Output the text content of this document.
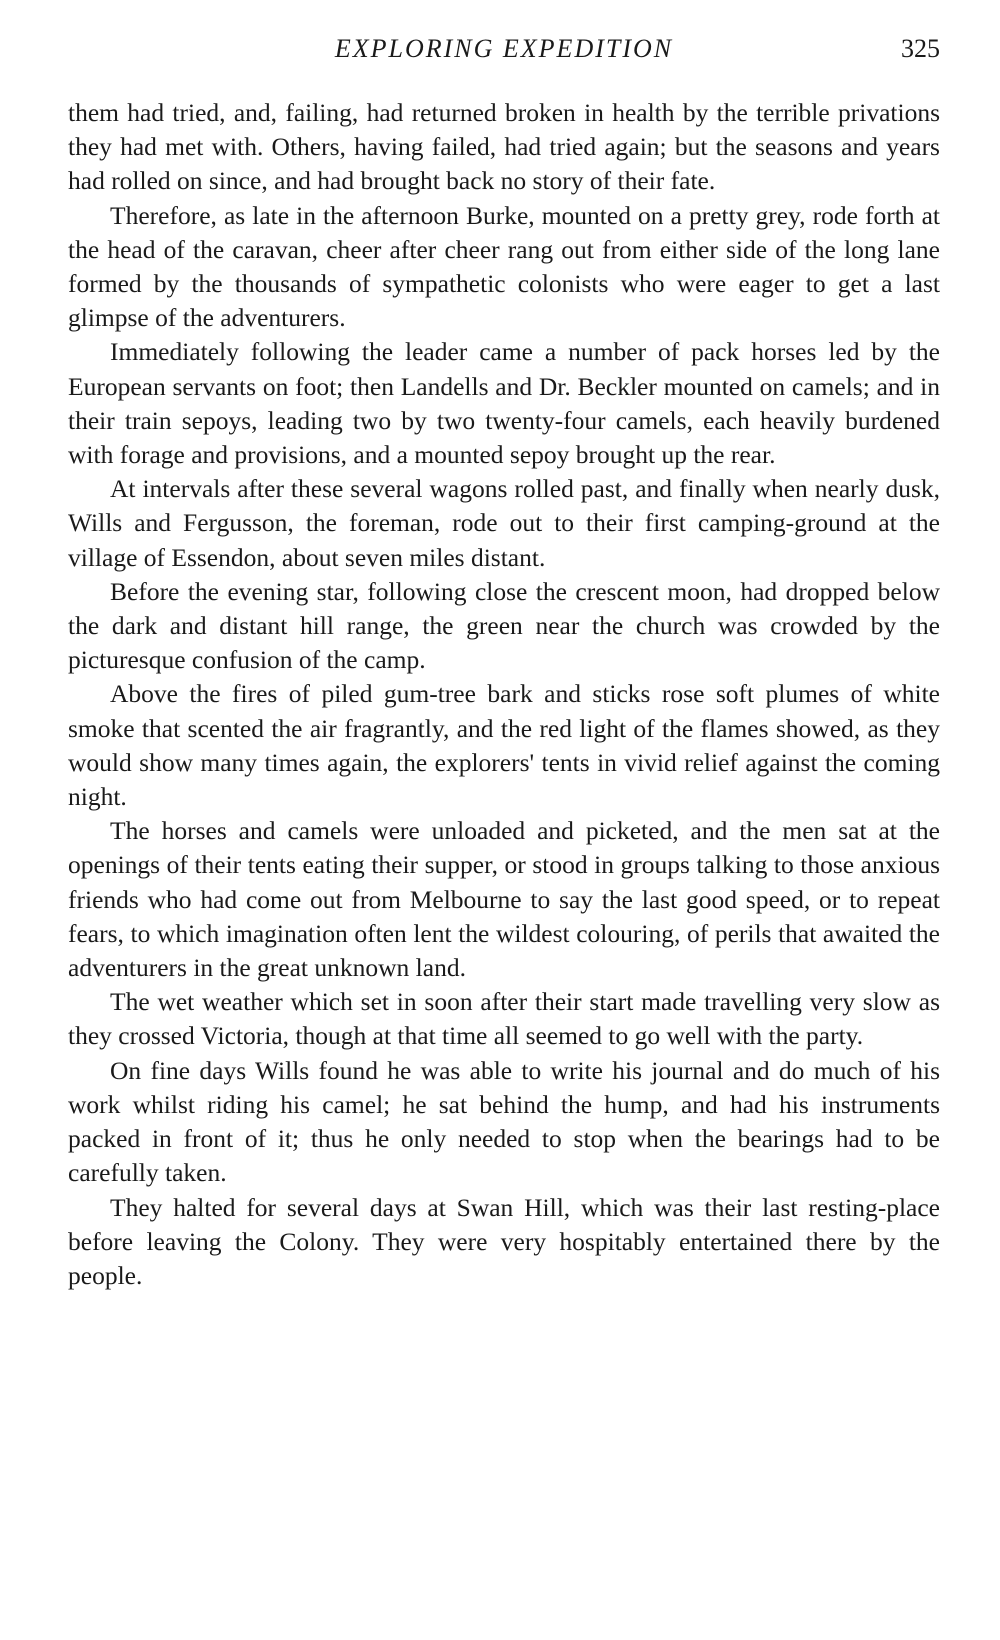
EXPLORING EXPEDITION	325

them had tried, and, failing, had returned broken in health by the terrible privations they had met with. Others, having failed, had tried again; but the seasons and years had rolled on since, and had brought back no story of their fate.

Therefore, as late in the afternoon Burke, mounted on a pretty grey, rode forth at the head of the caravan, cheer after cheer rang out from either side of the long lane formed by the thousands of sympathetic colonists who were eager to get a last glimpse of the adventurers.

Immediately following the leader came a number of pack horses led by the European servants on foot; then Landells and Dr. Beckler mounted on camels; and in their train sepoys, leading two by two twenty-four camels, each heavily burdened with forage and provisions, and a mounted sepoy brought up the rear.

At intervals after these several wagons rolled past, and finally when nearly dusk, Wills and Fergusson, the foreman, rode out to their first camping-ground at the village of Essendon, about seven miles distant.

Before the evening star, following close the crescent moon, had dropped below the dark and distant hill range, the green near the church was crowded by the picturesque confusion of the camp.

Above the fires of piled gum-tree bark and sticks rose soft plumes of white smoke that scented the air fragrantly, and the red light of the flames showed, as they would show many times again, the explorers' tents in vivid relief against the coming night.

The horses and camels were unloaded and picketed, and the men sat at the openings of their tents eating their supper, or stood in groups talking to those anxious friends who had come out from Melbourne to say the last good speed, or to repeat fears, to which imagination often lent the wildest colouring, of perils that awaited the adventurers in the great unknown land.

The wet weather which set in soon after their start made travelling very slow as they crossed Victoria, though at that time all seemed to go well with the party.

On fine days Wills found he was able to write his journal and do much of his work whilst riding his camel; he sat behind the hump, and had his instruments packed in front of it; thus he only needed to stop when the bearings had to be carefully taken.

They halted for several days at Swan Hill, which was their last resting-place before leaving the Colony. They were very hospitably entertained there by the people.
